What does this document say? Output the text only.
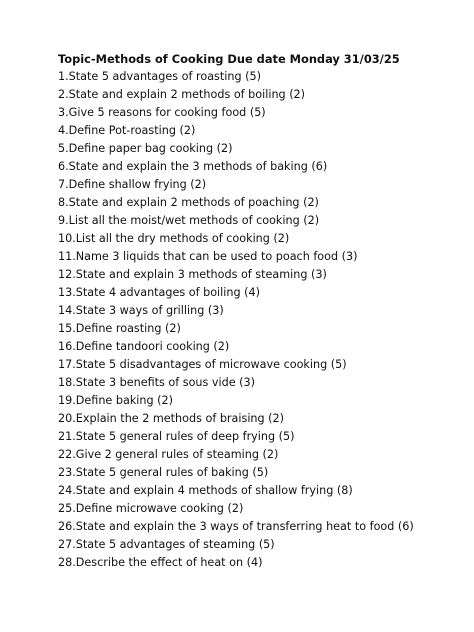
Topic-Methods of Cooking Due date Monday 31/03/25
1.State 5 advantages of roasting (5)
2.State and explain 2 methods of boiling (2)
3.Give 5 reasons for cooking food (5)
4.Define Pot-roasting (2)
5.Define paper bag cooking (2)
6.State and explain the 3 methods of baking (6)
7.Define shallow frying (2)
8.State and explain 2 methods of poaching (2)
9.List all the moist/wet methods of cooking (2)
10.List all the dry methods of cooking (2)
11.Name 3 liquids that can be used to poach food (3)
12.State and explain 3 methods of steaming (3)
13.State 4 advantages of boiling (4)
14.State 3 ways of grilling (3)
15.Define roasting (2)
16.Define tandoori cooking (2)
17.State 5 disadvantages of microwave cooking (5)
18.State 3 benefits of sous vide (3)
19.Define baking (2)
20.Explain the 2 methods of braising (2)
21.State 5 general rules of deep frying (5)
22.Give 2 general rules of steaming (2)
23.State 5 general rules of baking (5)
24.State and explain 4 methods of shallow frying (8)
25.Define microwave cooking (2)
26.State and explain the 3 ways of transferring heat to food (6)
27.State 5 advantages of steaming (5)
28.Describe the effect of heat on (4)
